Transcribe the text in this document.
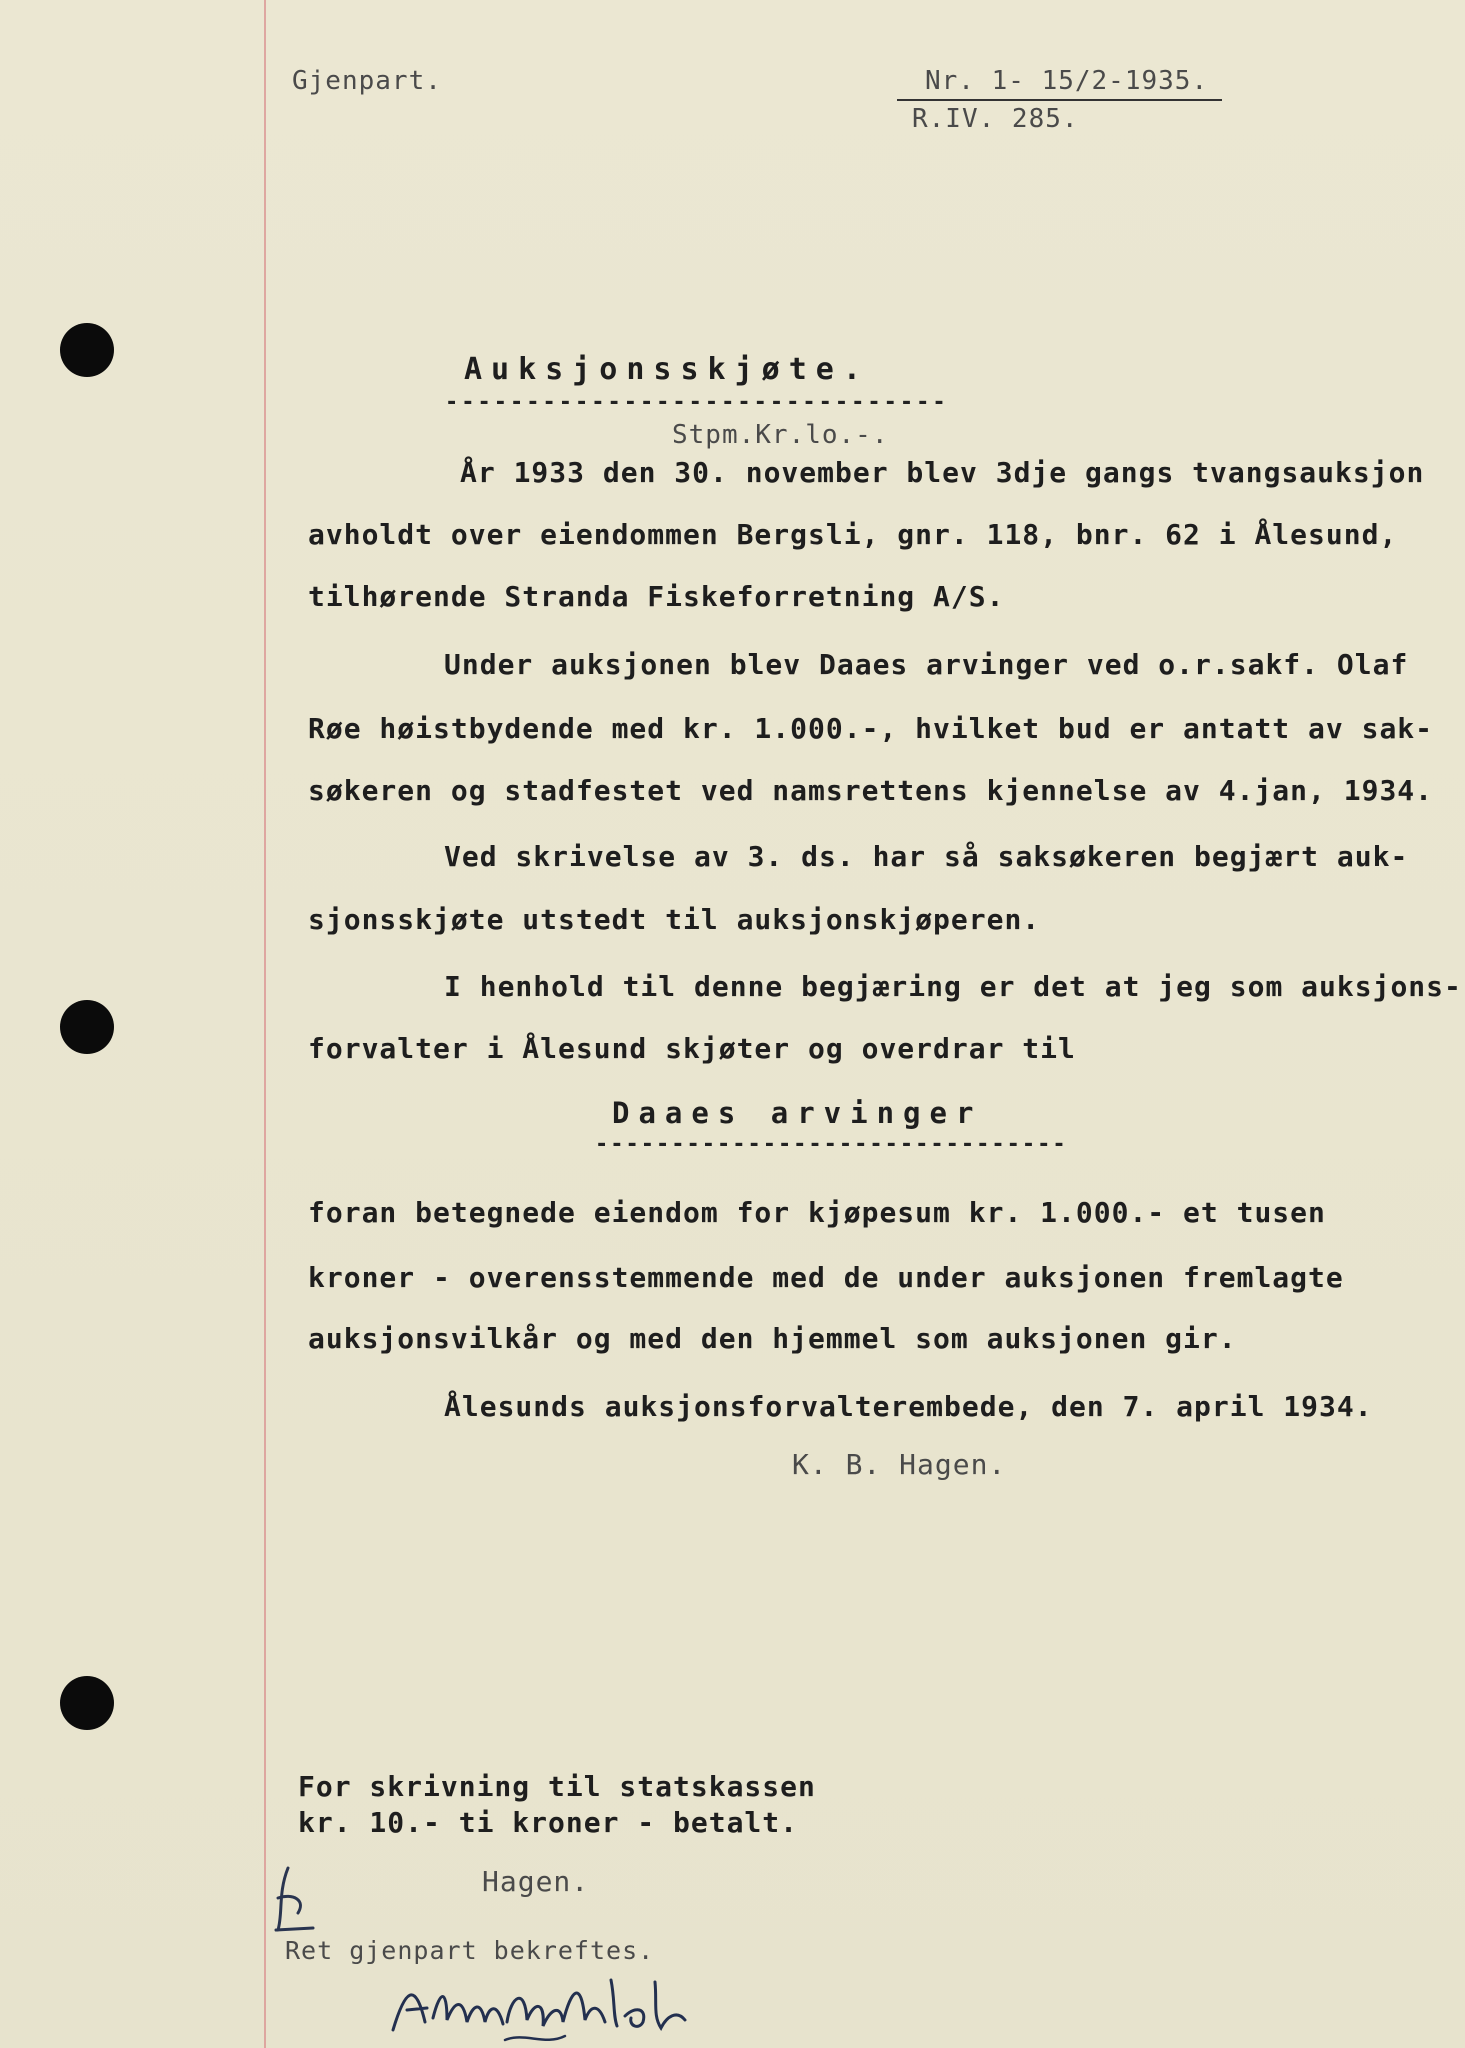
Gjenpart.	Nr. 1- 15/2-1935.
R.IV. 285.
Auksjonsskjøte.
-------------------------------
Stpm.Kr.lo.-.
År 1933 den 30. november blev 3dje gangs tvangsauksjon
avholdt over eiendommen Bergsli, gnr. 118, bnr. 62 i Ålesund,
tilhørende Stranda Fiskeforretning A/S.
Under auksjonen blev Daaes arvinger ved o.r.sakf. Olaf
Røe høistbydende med kr. 1.000.-, hvilket bud er antatt av sak-
søkeren og stadfestet ved namsrettens kjennelse av 4.jan, 1934.
Ved skrivelse av 3. ds. har så saksøkeren begjært auk-
sjonsskjøte utstedt til auksjonskjøperen.
I henhold til denne begjæring er det at jeg som auksjons-
forvalter i Ålesund skjøter og overdrar til
Daaes arvinger
-------------------------------
foran betegnede eiendom for kjøpesum kr. 1.000.- et tusen
kroner - overensstemmende med de under auksjonen fremlagte
auksjonsvilkår og med den hjemmel som auksjonen gir.
Ålesunds auksjonsforvalterembede, den 7. april 1934.
K. B. Hagen.
For skrivning til statskassen
kr. 10.- ti kroner - betalt.
Hagen.
Ret gjenpart bekreftes.
